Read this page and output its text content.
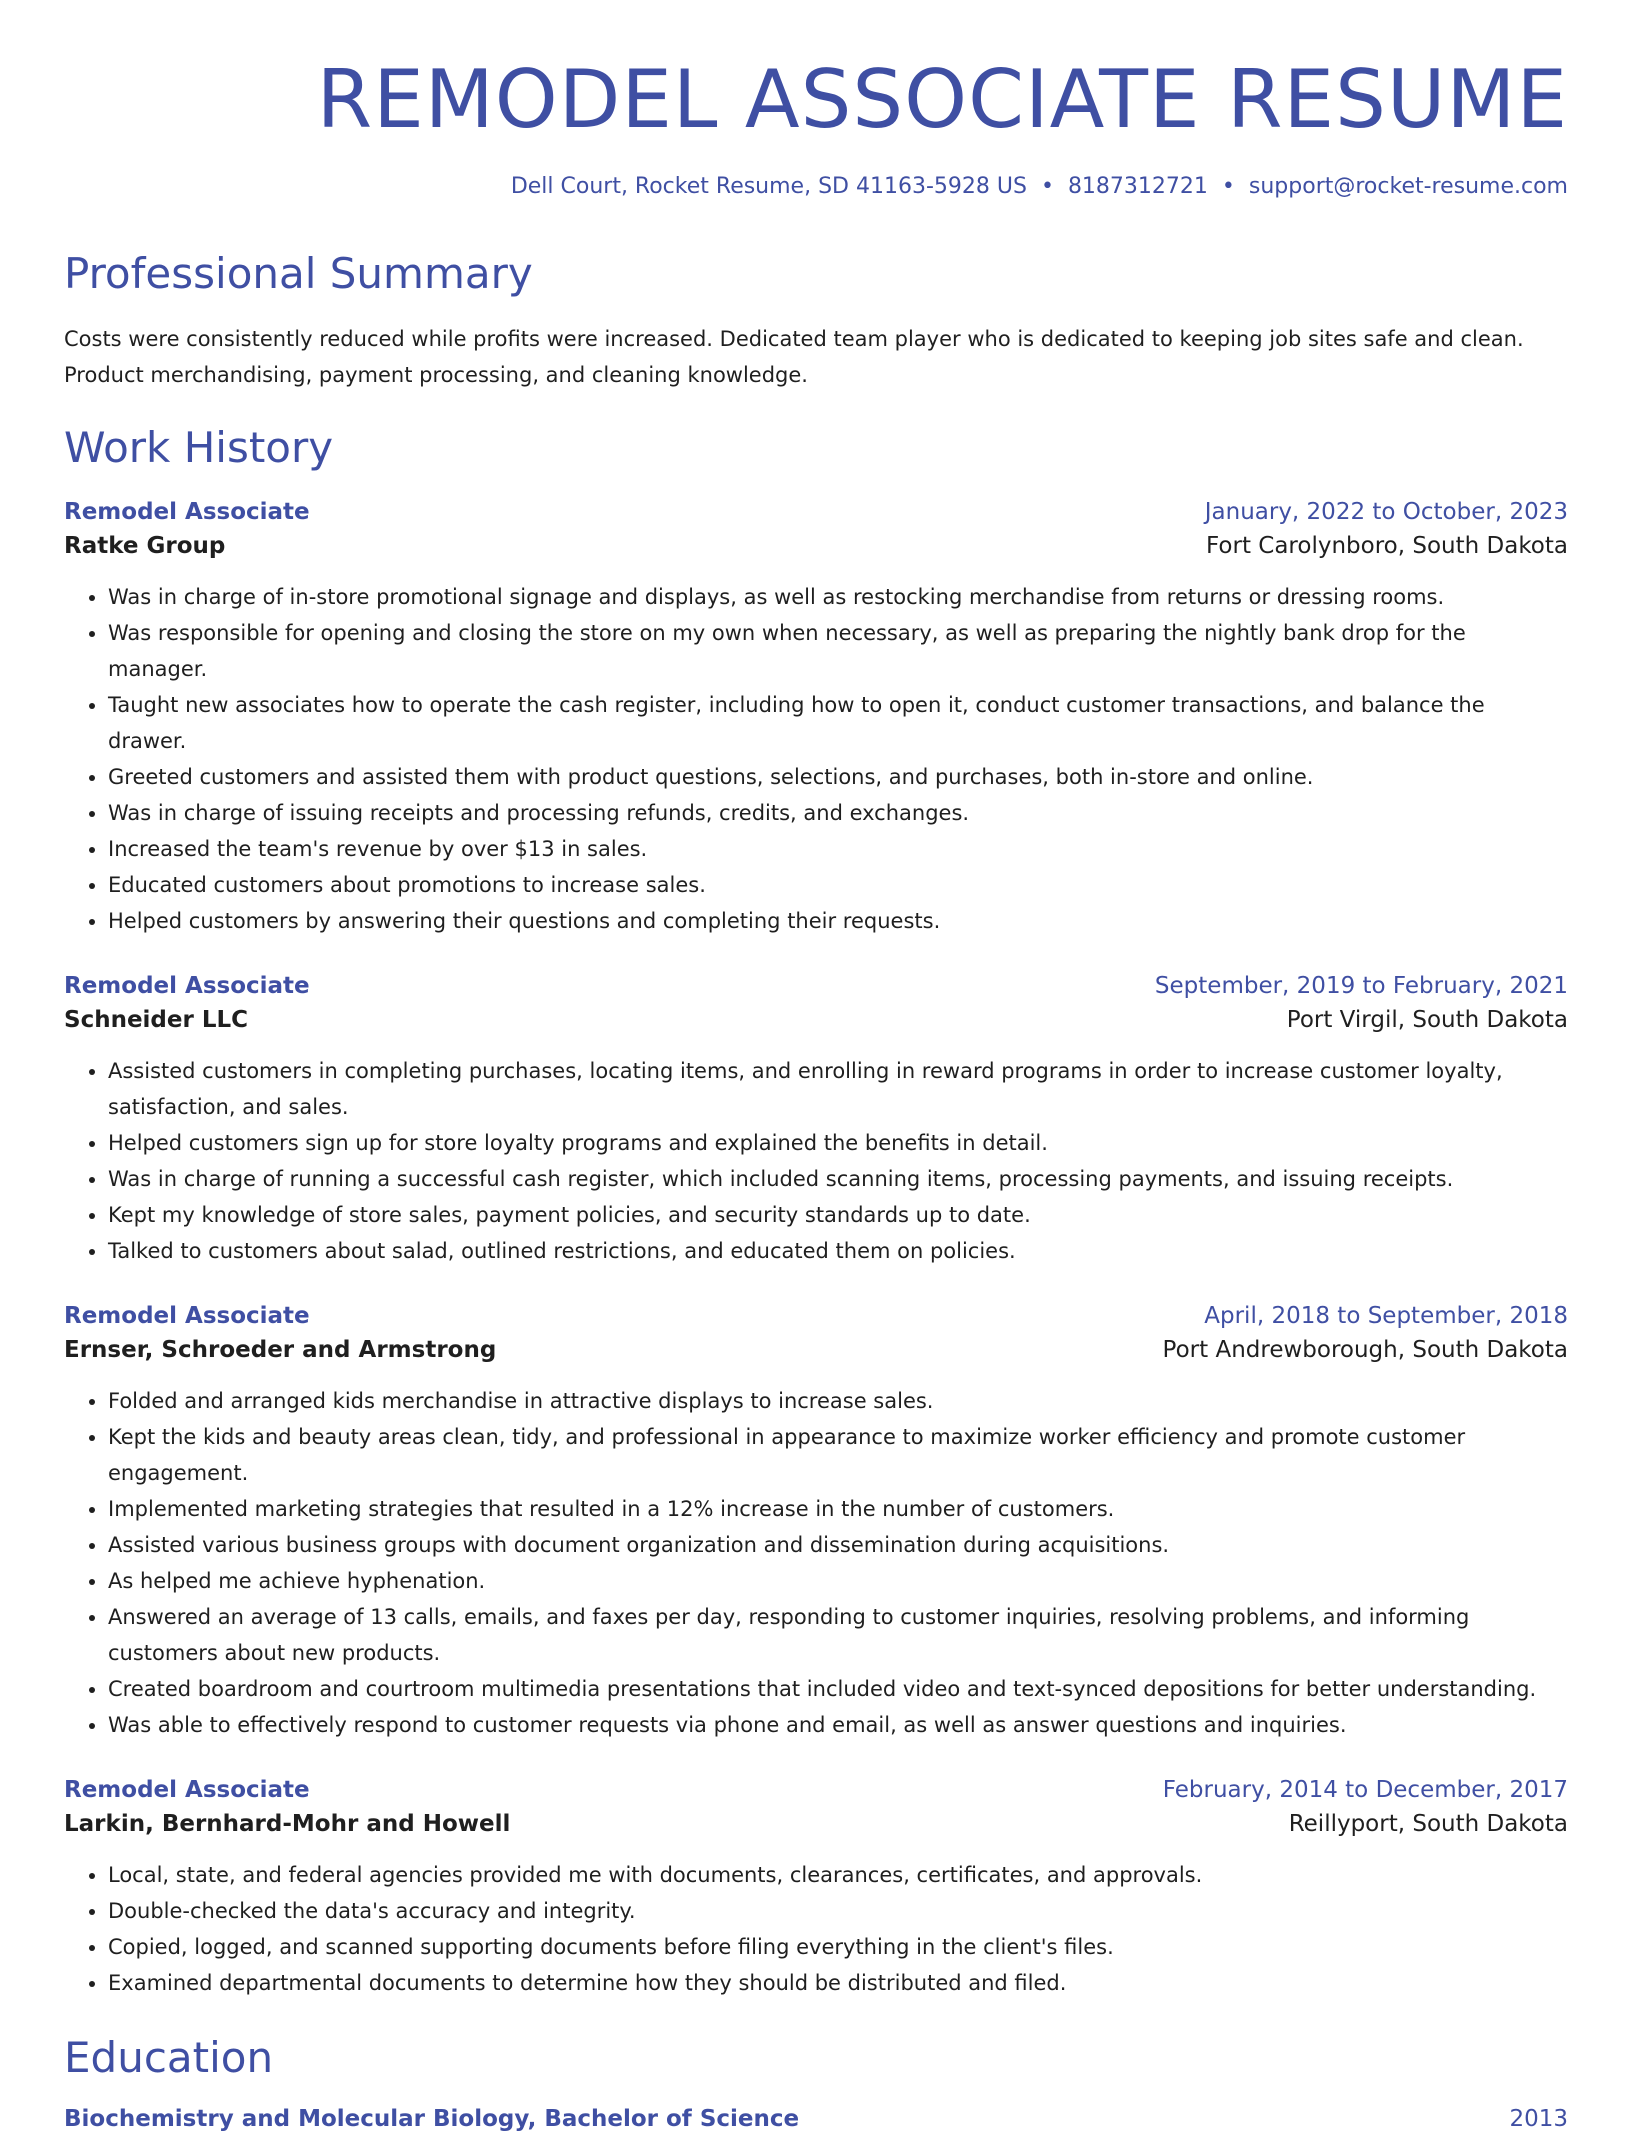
REMODEL ASSOCIATE RESUME
Dell Court, Rocket Resume, SD 41163-5928 US • 8187312721 • support@rocket-resume.com
Professional Summary
Costs were consistently reduced while profits were increased. Dedicated team player who is dedicated to keeping job sites safe and clean. Product merchandising, payment processing, and cleaning knowledge.
Work History
Remodel Associate	January, 2022 to October, 2023
Ratke Group	Fort Carolynboro, South Dakota
• Was in charge of in-store promotional signage and displays, as well as restocking merchandise from returns or dressing rooms.
• Was responsible for opening and closing the store on my own when necessary, as well as preparing the nightly bank drop for the manager.
• Taught new associates how to operate the cash register, including how to open it, conduct customer transactions, and balance the drawer.
• Greeted customers and assisted them with product questions, selections, and purchases, both in-store and online.
• Was in charge of issuing receipts and processing refunds, credits, and exchanges.
• Increased the team's revenue by over $13 in sales.
• Educated customers about promotions to increase sales.
• Helped customers by answering their questions and completing their requests.
Remodel Associate	September, 2019 to February, 2021
Schneider LLC	Port Virgil, South Dakota
• Assisted customers in completing purchases, locating items, and enrolling in reward programs in order to increase customer loyalty, satisfaction, and sales.
• Helped customers sign up for store loyalty programs and explained the benefits in detail.
• Was in charge of running a successful cash register, which included scanning items, processing payments, and issuing receipts.
• Kept my knowledge of store sales, payment policies, and security standards up to date.
• Talked to customers about salad, outlined restrictions, and educated them on policies.
Remodel Associate	April, 2018 to September, 2018
Ernser, Schroeder and Armstrong	Port Andrewborough, South Dakota
• Folded and arranged kids merchandise in attractive displays to increase sales.
• Kept the kids and beauty areas clean, tidy, and professional in appearance to maximize worker efficiency and promote customer engagement.
• Implemented marketing strategies that resulted in a 12% increase in the number of customers.
• Assisted various business groups with document organization and dissemination during acquisitions.
• As helped me achieve hyphenation.
• Answered an average of 13 calls, emails, and faxes per day, responding to customer inquiries, resolving problems, and informing customers about new products.
• Created boardroom and courtroom multimedia presentations that included video and text-synced depositions for better understanding.
• Was able to effectively respond to customer requests via phone and email, as well as answer questions and inquiries.
Remodel Associate	February, 2014 to December, 2017
Larkin, Bernhard-Mohr and Howell	Reillyport, South Dakota
• Local, state, and federal agencies provided me with documents, clearances, certificates, and approvals.
• Double-checked the data's accuracy and integrity.
• Copied, logged, and scanned supporting documents before filing everything in the client's files.
• Examined departmental documents to determine how they should be distributed and filed.
Education
Biochemistry and Molecular Biology, Bachelor of Science	2013
